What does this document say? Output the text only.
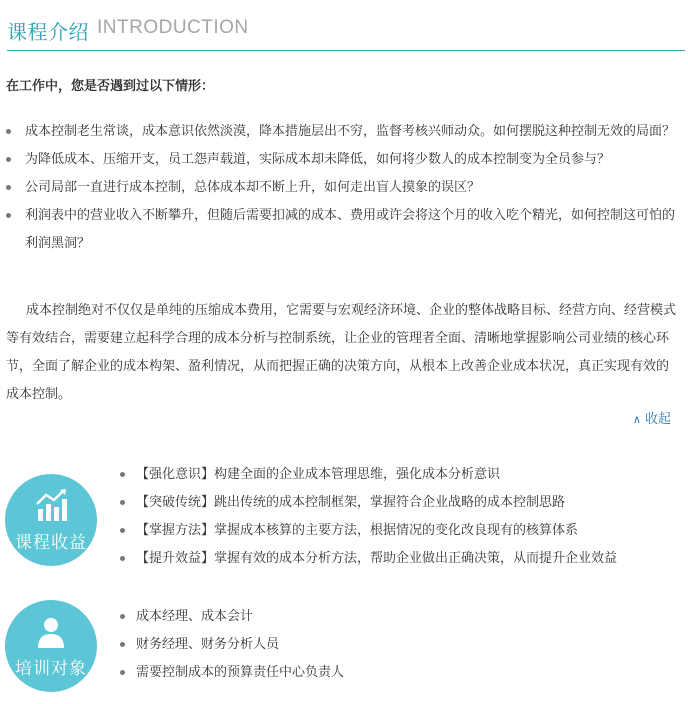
课程介绍 INTRODUCTION
在工作中，您是否遇到过以下情形：
成本控制老生常谈，成本意识依然淡漠，降本措施层出不穷，监督考核兴师动众。如何摆脱这种控制无效的局面？
为降低成本、压缩开支，员工怨声载道，实际成本却未降低，如何将少数人的成本控制变为全员参与？
公司局部一直进行成本控制，总体成本却不断上升，如何走出盲人摸象的误区？
利润表中的营业收入不断攀升，但随后需要扣减的成本、费用或许会将这个月的收入吃个精光，如何控制这可怕的利润黑洞？

成本控制绝对不仅仅是单纯的压缩成本费用，它需要与宏观经济环境、企业的整体战略目标、经营方向、经营模式等有效结合，需要建立起科学合理的成本分析与控制系统，让企业的管理者全面、清晰地掌握影响公司业绩的核心环节，全面了解企业的成本构架、盈利情况，从而把握正确的决策方向，从根本上改善企业成本状况，真正实现有效的成本控制。

∧ 收起
课程收益
【强化意识】构建全面的企业成本管理思维，强化成本分析意识
【突破传统】跳出传统的成本控制框架，掌握符合企业战略的成本控制思路
【掌握方法】掌握成本核算的主要方法，根据情况的变化改良现有的核算体系
【提升效益】掌握有效的成本分析方法，帮助企业做出正确决策，从而提升企业效益
培训对象
成本经理、成本会计
财务经理、财务分析人员
需要控制成本的预算责任中心负责人
